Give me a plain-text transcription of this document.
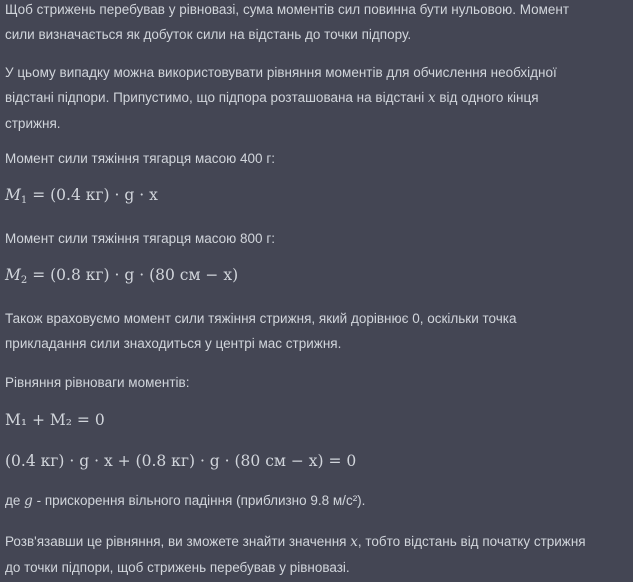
Щоб стрижень перебував у рівновазі, сума моментів сил повинна бути нульовою. Момент

сили визначається як добуток сили на відстань до точки підпору.

У цьому випадку можна використовувати рівняння моментів для обчислення необхідної

відстані підпори. Припустимо, що підпора розташована на відстані x від одного кінця

стрижня.

Момент сили тяжіння тягарця масою 400 г:

$M_1 = (0.4$ кг) · g · x

Момент сили тяжіння тягарця масою 800 г:

$M_2 = (0.8$ кг) · g · (80 см − x)

Також враховуємо момент сили тяжіння стрижня, який дорівнює 0, оскільки точка

прикладання сили знаходиться у центрі мас стрижня.

Рівняння рівноваги моментів:

M₁ + M₂ = 0
(0.4 кг) · g · x + (0.8 кг) · g · (80 см − x) = 0

де g - прискорення вільного падіння (приблизно 9.8 м/с²).

Розв'язавши це рівняння, ви зможете знайти значення x, тобто відстань від початку стрижня

до точки підпори, щоб стрижень перебував у рівновазі.
